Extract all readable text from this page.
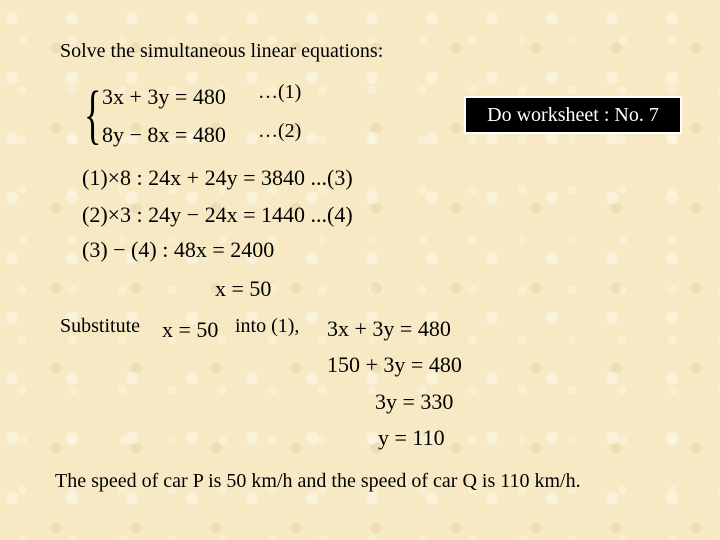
Solve the simultaneous linear equations:
{ 3x + 3y = 480 …(1)
8y − 8x = 480 …(2)
Do worksheet : No. 7
(1)×8 : 24x + 24y = 3840 ...(3)
(2)×3 : 24y − 24x = 1440 ...(4)
(3) − (4) : 48x = 2400
x = 50
Substitute x = 50 into (1), 3x + 3y = 480
150 + 3y = 480
3y = 330
y = 110
The speed of car P is 50 km/h and the speed of car Q is 110 km/h.
